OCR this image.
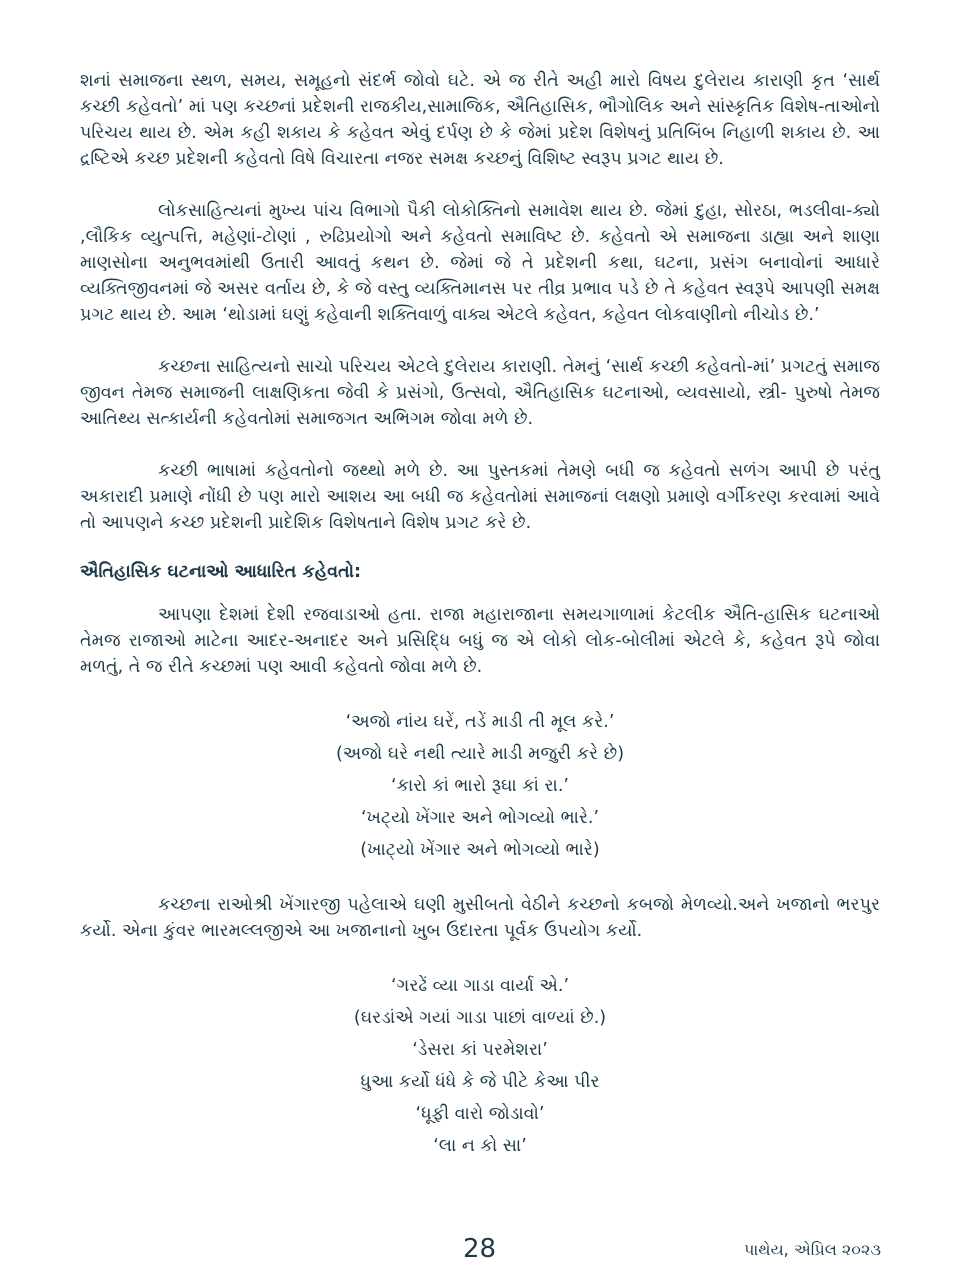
શનાં સમાજના સ્થળ, સમય, સમૂહનો સંદર્ભ જોવો ઘટે. એ જ રીતે અહી મારો વિષય દુલેરાય કારાણી કૃત ‘સાર્થ કચ્છી કહેવતો’ માં પણ કચ્છનાં પ્રદેશની રાજકીય,સામાજિક, ઐતિહાસિક, ભૌગોલિક અને સાંસ્કૃતિક વિશેષ-તાઓનો પરિચય થાય છે. એમ કહી શકાય કે કહેવત એવું દર્પણ છે કે જેમાં પ્રદેશ વિશેષનું પ્રતિબિંબ નિહાળી શકાય છે. આ દ્રષ્ટિએ કચ્છ પ્રદેશની કહેવતો વિષે વિચારતા નજર સમક્ષ કચ્છનું વિશિષ્ટ સ્વરૂપ પ્રગટ થાય છે.

લોકસાહિત્યનાં મુખ્ય પાંચ વિભાગો પૈકી લોકોક્તિનો સમાવેશ થાય છે. જેમાં દુહા, સોરઠા, ભડલીવા-ક્યો ,લૌકિક વ્યુત્પત્તિ, મહેણાં-ટોણાં , રુઢિપ્રયોગો અને કહેવતો સમાવિષ્ટ છે. કહેવતો એ સમાજના ડાહ્યા અને શાણા માણસોના અનુભવમાંથી ઉતારી આવતું કથન છે. જેમાં જે તે પ્રદેશની કથા, ઘટના, પ્રસંગ બનાવોનાં આધારે વ્યક્તિજીવનમાં જે અસર વર્તાય છે, કે જે વસ્તુ વ્યક્તિમાનસ પર તીવ્ર પ્રભાવ પડે છે તે કહેવત સ્વરૂપે આપણી સમક્ષ પ્રગટ થાય છે. આમ ‘થોડામાં ઘણું કહેવાની શક્તિવાળું વાક્ય એટલે કહેવત, કહેવત લોકવાણીનો નીચોડ છે.’

કચ્છના સાહિત્યનો સાચો પરિચય એટલે દુલેરાય કારાણી. તેમનું ‘સાર્થ કચ્છી કહેવતો-માં’ પ્રગટતું સમાજ જીવન તેમજ સમાજની લાક્ષણિકતા જેવી કે પ્રસંગો, ઉત્સવો, ઐતિહાસિક ઘટનાઓ, વ્યવસાયો, સ્ત્રી- પુરુષો તેમજ આતિથ્ય સત્કાર્યની કહેવતોમાં સમાજગત અભિગમ જોવા મળે છે.

કચ્છી ભાષામાં કહેવતોનો જથ્થો મળે છે. આ પુસ્તકમાં તેમણે બધી જ કહેવતો સળંગ આપી છે પરંતુ અકારાદી પ્રમાણે નોંધી છે પણ મારો આશય આ બધી જ કહેવતોમાં સમાજનાં લક્ષણો પ્રમાણે વર્ગીકરણ કરવામાં આવે તો આપણને કચ્છ પ્રદેશની પ્રાદેશિક વિશેષતાને વિશેષ પ્રગટ કરે છે.

ઐતિહાસિક ઘટનાઓ આધારિત કહેવતો:

આપણા દેશમાં દેશી રજવાડાઓ હતા. રાજા મહારાજાના સમયગાળામાં કેટલીક ઐતિ-હાસિક ઘટનાઓ તેમજ રાજાઓ માટેના આદર-અનાદર અને પ્રસિદ્ધિ બધું જ એ લોકો લોક-બોલીમાં એટલે કે, કહેવત રૂપે જોવા મળતું, તે જ રીતે કચ્છમાં પણ આવી કહેવતો જોવા મળે છે.

‘અજો નાંય ઘરેં, તડેં માડી તી મૂલ કરે.’
(અજો ઘરે નથી ત્યારે માડી મજુરી કરે છે)
‘કારો કાં ભારો રૂઘા કાં રા.’
‘ખટ્યો ખેંગાર અને ભોગવ્યો ભારે.’
(ખાટ્યો ખેંગાર અને ભોગવ્યો ભારે)

કચ્છના રાઓશ્રી ખેંગારજી પહેલાએ ઘણી મુસીબતો વેઠીને કચ્છનો કબજો મેળવ્યો.અને ખજાનો ભરપુર કર્યો. એના કુંવર ભારમલ્લજીએ આ ખજાનાનો ખુબ ઉદારતા પૂર્વક ઉપયોગ કર્યો.

‘ગરઢેં વ્યા ગાડા વાર્યા એ.’
(ઘરડાંએ ગયાં ગાડા પાછાં વાળ્યાં છે.)
‘ડેસરા કાં પરમેશરા’
ધુઆ કર્યો ધંધે કે જે પીટે કેઆ પીર
‘ધૂફી વારો જોડાવો’
‘લા ન કો સા’
28	પાથેય, એપ્રિલ ૨૦૨૩
